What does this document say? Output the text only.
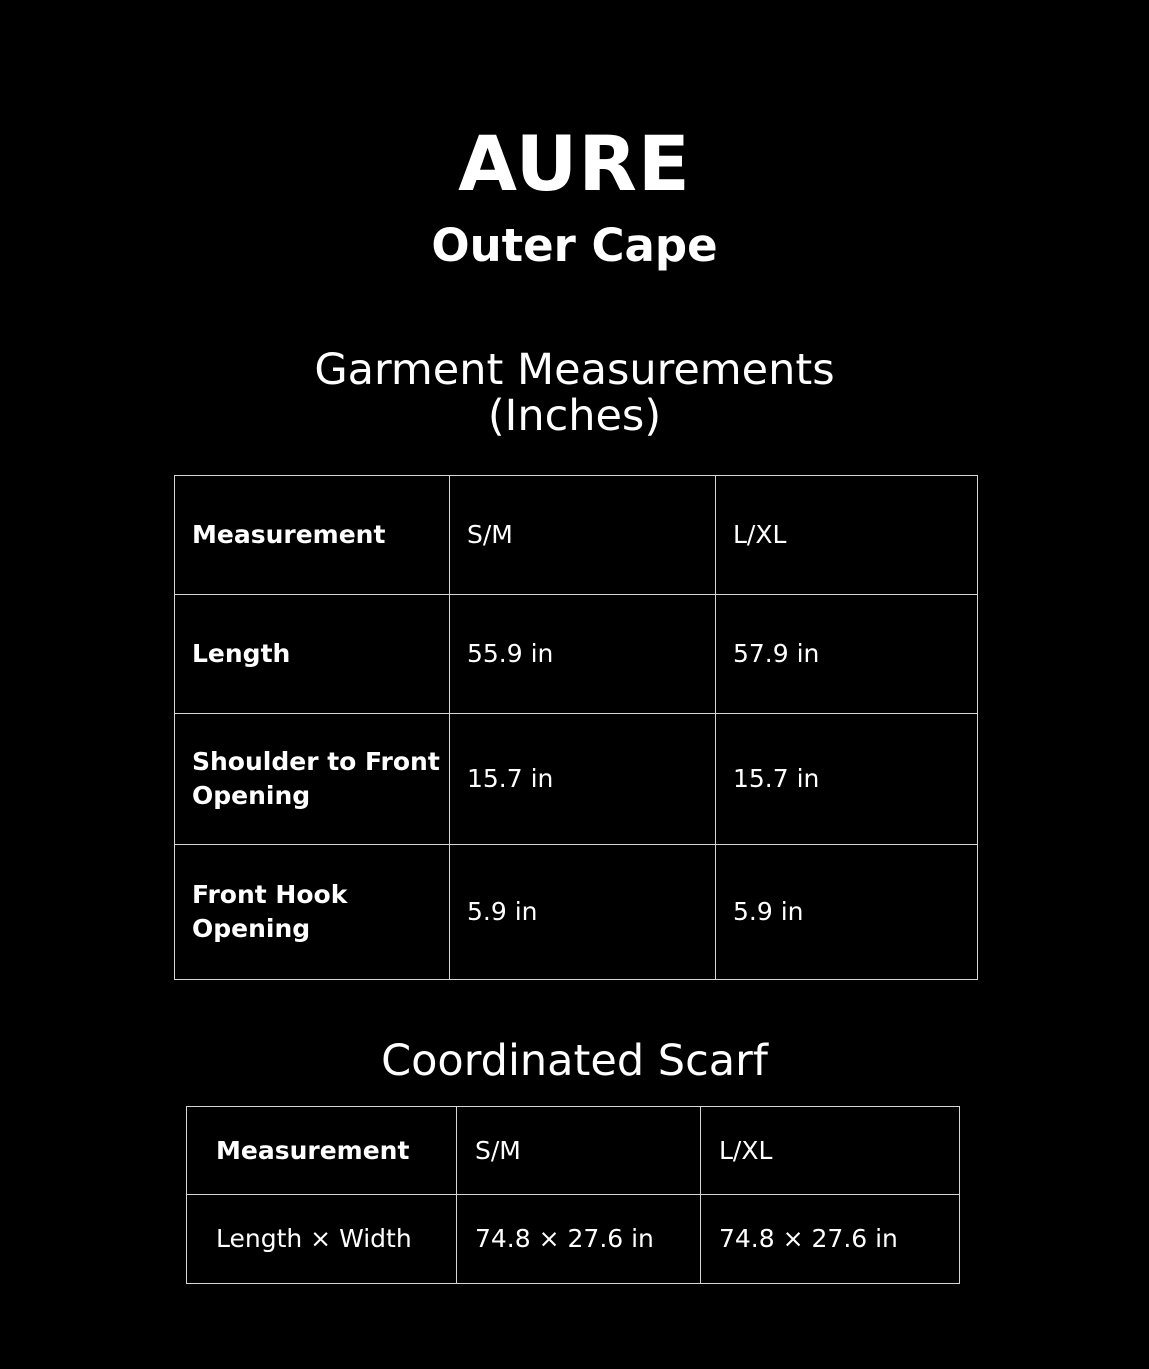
AURE
Outer Cape
Garment Measurements
(Inches)
Measurement	S/M	L/XL
Length	55.9 in	57.9 in
Shoulder to Front
Opening	15.7 in	15.7 in
Front Hook
Opening	5.9 in	5.9 in
Coordinated Scarf
Measurement	S/M	L/XL
Length × Width	74.8 × 27.6 in	74.8 × 27.6 in
